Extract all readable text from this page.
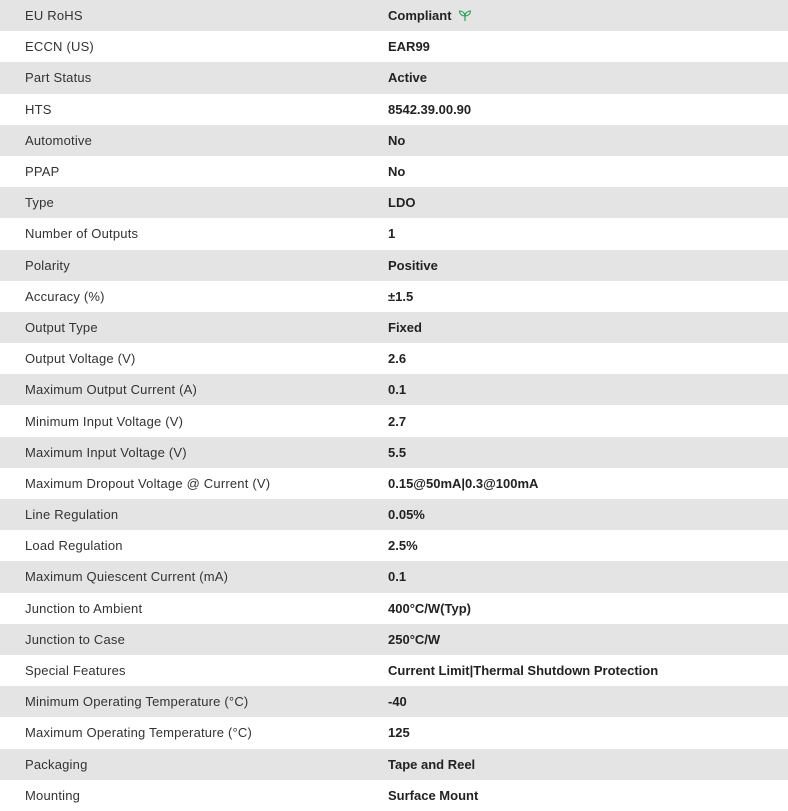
EU RoHS	Compliant
ECCN (US)	EAR99
Part Status	Active
HTS	8542.39.00.90
Automotive	No
PPAP	No
Type	LDO
Number of Outputs	1
Polarity	Positive
Accuracy (%)	±1.5
Output Type	Fixed
Output Voltage (V)	2.6
Maximum Output Current (A)	0.1
Minimum Input Voltage (V)	2.7
Maximum Input Voltage (V)	5.5
Maximum Dropout Voltage @ Current (V)	0.15@50mA|0.3@100mA
Line Regulation	0.05%
Load Regulation	2.5%
Maximum Quiescent Current (mA)	0.1
Junction to Ambient	400°C/W(Typ)
Junction to Case	250°C/W
Special Features	Current Limit|Thermal Shutdown Protection
Minimum Operating Temperature (°C)	-40
Maximum Operating Temperature (°C)	125
Packaging	Tape and Reel
Mounting	Surface Mount
